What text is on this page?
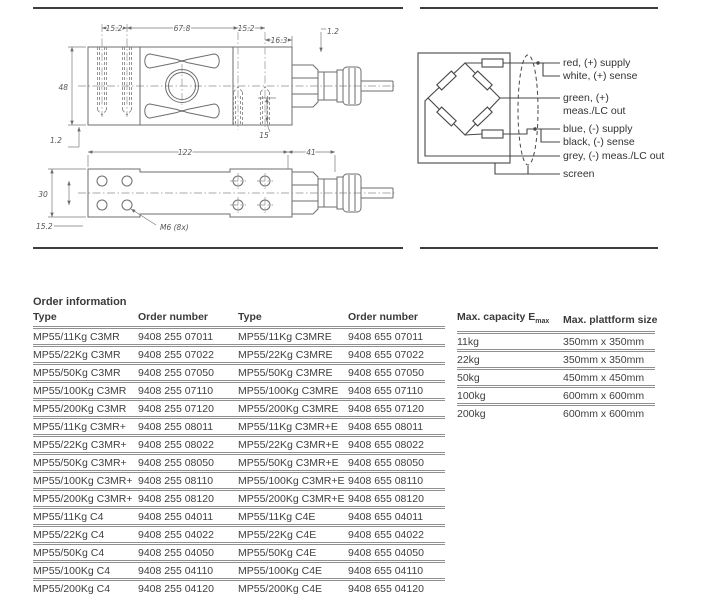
15.2	67.8	15.2
16.3
1.2
48
1.2
15
122	41
30
15.2	M6 (8x)
red, (+) supply
white, (+) sense
green, (+)
meas./LC out
blue, (-) supply
black, (-) sense
grey, (-) meas./LC out
screen
Order information
Type	Order number	Type	Order number
MP55/11Kg C3MR	9408 255 07011	MP55/11Kg C3MRE	9408 655 07011
MP55/22Kg C3MR	9408 255 07022	MP55/22Kg C3MRE	9408 655 07022
MP55/50Kg C3MR	9408 255 07050	MP55/50Kg C3MRE	9408 655 07050
MP55/100Kg C3MR	9408 255 07110	MP55/100Kg C3MRE	9408 655 07110
MP55/200Kg C3MR	9408 255 07120	MP55/200Kg C3MRE	9408 655 07120
MP55/11Kg C3MR+	9408 255 08011	MP55/11Kg C3MR+E	9408 655 08011
MP55/22Kg C3MR+	9408 255 08022	MP55/22Kg C3MR+E	9408 655 08022
MP55/50Kg C3MR+	9408 255 08050	MP55/50Kg C3MR+E	9408 655 08050
MP55/100Kg C3MR+	9408 255 08110	MP55/100Kg C3MR+E	9408 655 08110
MP55/200Kg C3MR+	9408 255 08120	MP55/200Kg C3MR+E	9408 655 08120
MP55/11Kg C4	9408 255 04011	MP55/11Kg C4E	9408 655 04011
MP55/22Kg C4	9408 255 04022	MP55/22Kg C4E	9408 655 04022
MP55/50Kg C4	9408 255 04050	MP55/50Kg C4E	9408 655 04050
MP55/100Kg C4	9408 255 04110	MP55/100Kg C4E	9408 655 04110
MP55/200Kg C4	9408 255 04120	MP55/200Kg C4E	9408 655 04120
Max. capacity $E_{max}$	Max. plattform size
11kg	350mm x 350mm
22kg	350mm x 350mm
50kg	450mm x 450mm
100kg	600mm x 600mm
200kg	600mm x 600mm
